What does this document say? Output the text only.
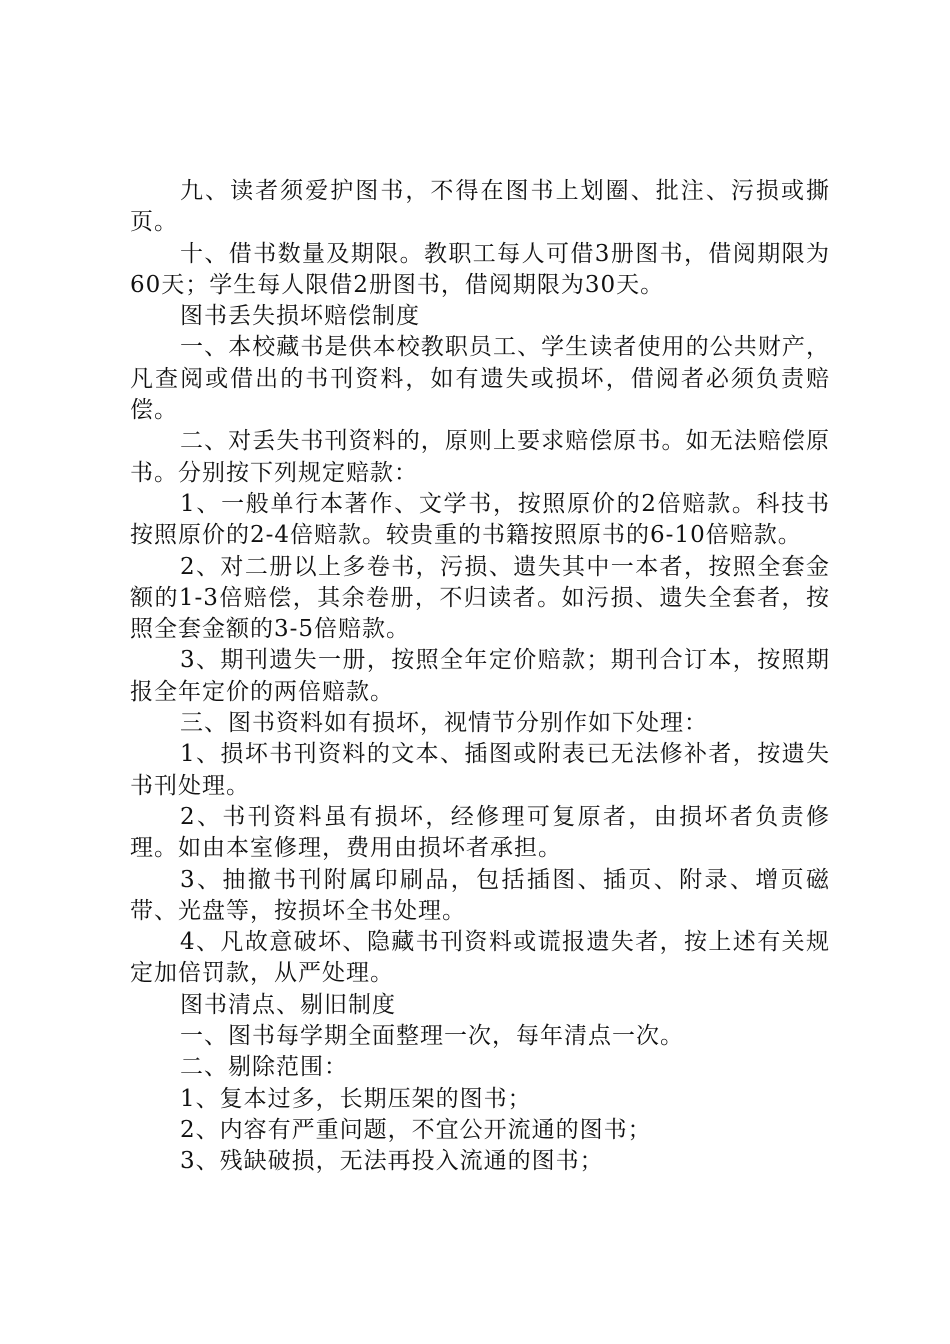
九、读者须爱护图书，不得在图书上划圈、批注、污损或撕页。

十、借书数量及期限。教职工每人可借3册图书，借阅期限为60天；学生每人限借2册图书，借阅期限为30天。

图书丢失损坏赔偿制度

一、本校藏书是供本校教职员工、学生读者使用的公共财产，凡查阅或借出的书刊资料，如有遗失或损坏，借阅者必须负责赔偿。

二、对丢失书刊资料的，原则上要求赔偿原书。如无法赔偿原书。分别按下列规定赔款：

1、一般单行本著作、文学书，按照原价的2倍赔款。科技书按照原价的2-4倍赔款。较贵重的书籍按照原书的6-10倍赔款。

2、对二册以上多卷书，污损、遗失其中一本者，按照全套金额的1-3倍赔偿，其余卷册，不归读者。如污损、遗失全套者，按照全套金额的3-5倍赔款。

3、期刊遗失一册，按照全年定价赔款；期刊合订本，按照期报全年定价的两倍赔款。

三、图书资料如有损坏，视情节分别作如下处理：

1、损坏书刊资料的文本、插图或附表已无法修补者，按遗失书刊处理。

2、书刊资料虽有损坏，经修理可复原者，由损坏者负责修理。如由本室修理，费用由损坏者承担。

3、抽撤书刊附属印刷品，包括插图、插页、附录、增页磁带、光盘等，按损坏全书处理。

4、凡故意破坏、隐藏书刊资料或谎报遗失者，按上述有关规定加倍罚款，从严处理。

图书清点、剔旧制度

一、图书每学期全面整理一次，每年清点一次。

二、剔除范围：

1、复本过多，长期压架的图书；

2、内容有严重问题，不宜公开流通的图书；

3、残缺破损，无法再投入流通的图书；
